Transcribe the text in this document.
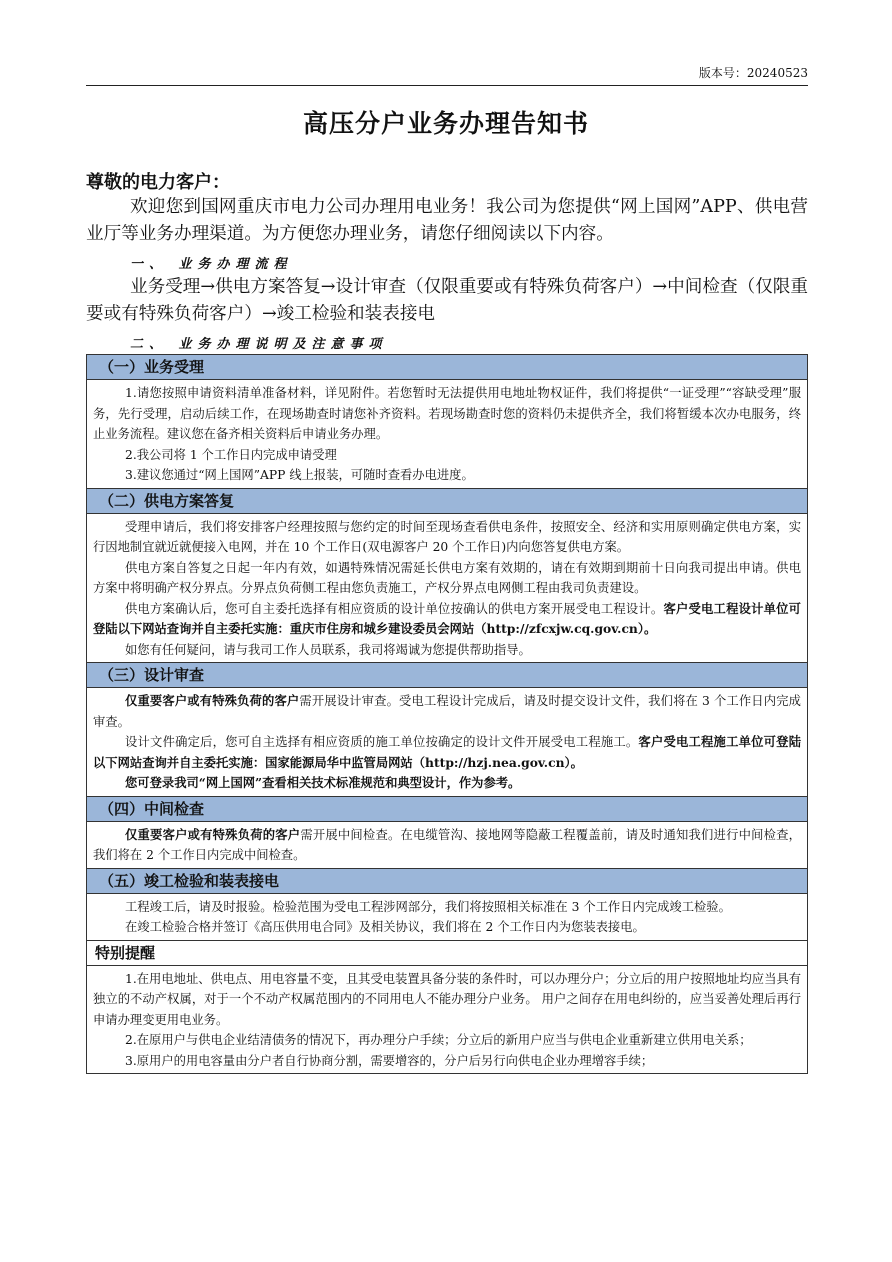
版本号：20240523
高压分户业务办理告知书
尊敬的电力客户：
欢迎您到国网重庆市电力公司办理用电业务！我公司为您提供“网上国网”APP、供电营业厅等业务办理渠道。为方便您办理业务，请您仔细阅读以下内容。
一、 业务办理流程
业务受理→供电方案答复→设计审查（仅限重要或有特殊负荷客户）→中间检查（仅限重要或有特殊负荷客户）→竣工检验和装表接电
二、 业务办理说明及注意事项
（一）业务受理

1.请您按照申请资料清单准备材料，详见附件。若您暂时无法提供用电地址物权证件，我们将提供“一证受理”“容缺受理”服务，先行受理，启动后续工作，在现场勘查时请您补齐资料。若现场勘查时您的资料仍未提供齐全，我们将暂缓本次办电服务，终止业务流程。建议您在备齐相关资料后申请业务办理。

2.我公司将 1 个工作日内完成申请受理

3.建议您通过“网上国网”APP 线上报装，可随时查看办电进度。

（二）供电方案答复

受理申请后，我们将安排客户经理按照与您约定的时间至现场查看供电条件，按照安全、经济和实用原则确定供电方案，实行因地制宜就近就便接入电网，并在 10 个工作日(双电源客户 20 个工作日)内向您答复供电方案。

供电方案自答复之日起一年内有效，如遇特殊情况需延长供电方案有效期的，请在有效期到期前十日向我司提出申请。供电方案中将明确产权分界点。分界点负荷侧工程由您负责施工，产权分界点电网侧工程由我司负责建设。

供电方案确认后，您可自主委托选择有相应资质的设计单位按确认的供电方案开展受电工程设计。客户受电工程设计单位可登陆以下网站查询并自主委托实施：重庆市住房和城乡建设委员会网站（http://zfcxjw.cq.gov.cn）。

如您有任何疑问，请与我司工作人员联系，我司将竭诚为您提供帮助指导。

（三）设计审查

仅重要客户或有特殊负荷的客户需开展设计审查。受电工程设计完成后，请及时提交设计文件，我们将在 3 个工作日内完成审查。

设计文件确定后，您可自主选择有相应资质的施工单位按确定的设计文件开展受电工程施工。客户受电工程施工单位可登陆以下网站查询并自主委托实施：国家能源局华中监管局网站（http://hzj.nea.gov.cn）。

您可登录我司“网上国网”查看相关技术标准规范和典型设计，作为参考。

（四）中间检查

仅重要客户或有特殊负荷的客户需开展中间检查。在电缆管沟、接地网等隐蔽工程覆盖前，请及时通知我们进行中间检查，我们将在 2 个工作日内完成中间检查。

（五）竣工检验和装表接电

工程竣工后，请及时报验。检验范围为受电工程涉网部分，我们将按照相关标准在 3 个工作日内完成竣工检验。

在竣工检验合格并签订《高压供用电合同》及相关协议，我们将在 2 个工作日内为您装表接电。

特别提醒

1.在用电地址、供电点、用电容量不变，且其受电装置具备分装的条件时，可以办理分户；分立后的用户按照地址均应当具有独立的不动产权属，对于一个不动产权属范围内的不同用电人不能办理分户业务。 用户之间存在用电纠纷的，应当妥善处理后再行申请办理变更用电业务。

2.在原用户与供电企业结清债务的情况下，再办理分户手续；分立后的新用户应当与供电企业重新建立供用电关系；

3.原用户的用电容量由分户者自行协商分割，需要增容的，分户后另行向供电企业办理增容手续；
